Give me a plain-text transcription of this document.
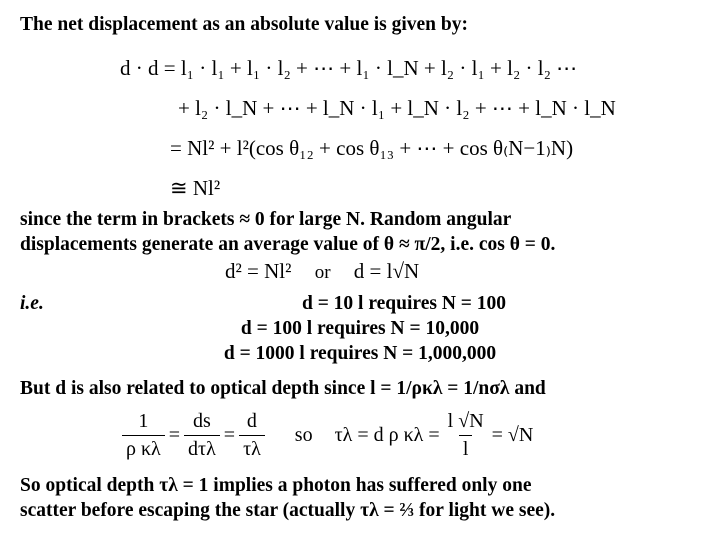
The net displacement as an absolute value is given by:
d · d = l₁ · l₁ + l₁ · l₂ + ⋯ + l₁ · l_N + l₂ · l₁ + l₂ · l₂ ⋯
+ l₂ · l_N + ⋯ + l_N · l₁ + l_N · l₂ + ⋯ + l_N · l_N
= Nl² + l²(cos θ₁₂ + cos θ₁₃ + ⋯ + cos θ₍N−1₎N)
≅ Nl²
since the term in brackets ≈ 0 for large N. Random angular
displacements generate an average value of θ ≈ π/2, i.e. cos θ = 0.
d² = Nl² or d = l√N
i.e.	d = 10 l requires N = 100
d = 100 l requires N = 10,000
d = 1000 l requires N = 1,000,000
But d is also related to optical depth since l = 1/ρκλ = 1/nσλ and
$\frac{1}{\text{ρ κλ}} = \frac{ds}{\text{dτλ}} = \frac{d}{\tau\lambda}$ so τλ = d ρ $\kappa\lambda = \frac{l √N}{l} = √N$
So optical depth τλ = 1 implies a photon has suffered only one
scatter before escaping the star (actually τλ = ⅔ for light we see).
